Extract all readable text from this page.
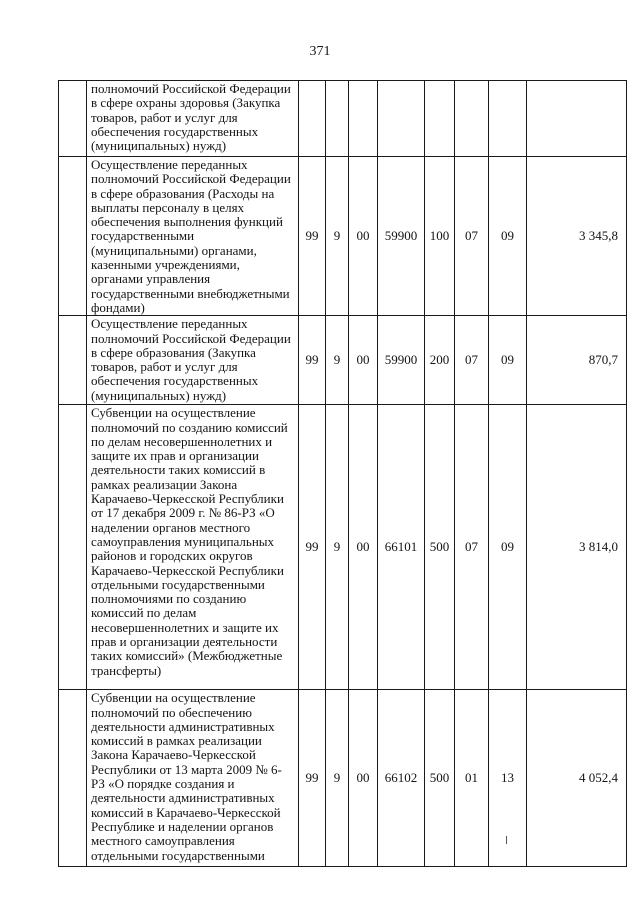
371
	полномочий Российской Федерации в сфере охраны здоровья (Закупка товаров, работ и услуг для обеспечения государственных (муниципальных) нужд)								
	Осуществление переданных полномочий Российской Федерации в сфере образования (Расходы на выплаты персоналу в целях обеспечения выполнения функций государственными (муниципальными) органами, казенными учреждениями, органами управления государственными внебюджетными фондами)	99	9	00	59900	100	07	09	3 345,8
	Осуществление переданных полномочий Российской Федерации в сфере образования (Закупка товаров, работ и услуг для обеспечения государственных (муниципальных) нужд)	99	9	00	59900	200	07	09	870,7
	Субвенции на осуществление полномочий по созданию комиссий по делам несовершеннолетних и защите их прав и организации деятельности таких комиссий в рамках реализации Закона Карачаево-Черкесской Республики от 17 декабря 2009 г. № 86-РЗ «О наделении органов местного самоуправления муниципальных районов и городских округов Карачаево-Черкесской Республики отдельными государственными полномочиями по созданию комиссий по делам несовершеннолетних и защите их прав и организации деятельности таких комиссий» (Межбюджетные трансферты)	99	9	00	66101	500	07	09	3 814,0
	Субвенции на осуществление полномочий по обеспечению деятельности административных комиссий в рамках реализации Закона Карачаево-Черкесской Республики от 13 марта 2009 № 6-РЗ «О порядке создания и деятельности административных комиссий в Карачаево-Черкесской Республике и наделении органов местного самоуправления отдельными государственными	99	9	00	66102	500	01	13	4 052,4
